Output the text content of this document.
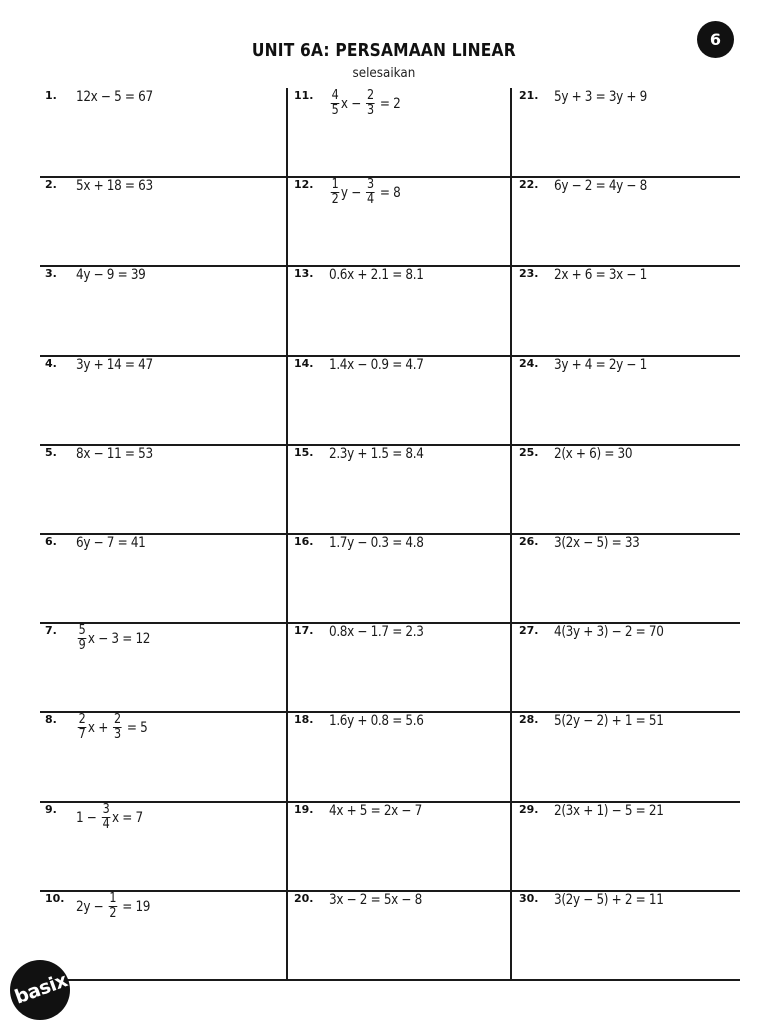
6
UNIT 6A: PERSAMAAN LINEAR
selesaikan
1. 12x − 5 = 67
2. 5x + 18 = 63
3. 4y − 9 = 39
4. 3y + 14 = 47
5. 8x − 11 = 53
6. 6y − 7 = 41
7. $\frac{5}{9}$ x − 3 = 12
8. $\frac{2}{7}$ $x + \frac{2}{3} = 5$
9. $1 - \frac{3}{4}$ x = 7
10. $2y - \frac{1}{2} = 19$
11. $\frac{4}{5}$ $x - \frac{2}{3} = 2$
12. $\frac{1}{2}$ $y - \frac{3}{4} = 8$
13. 0.6x + 2.1 = 8.1
14. 1.4x − 0.9 = 4.7
15. 2.3y + 1.5 = 8.4
16. 1.7y − 0.3 = 4.8
17. 0.8x − 1.7 = 2.3
18. 1.6y + 0.8 = 5.6
19. 4x + 5 = 2x − 7
20. 3x − 2 = 5x − 8
21. 5y + 3 = 3y + 9
22. 6y − 2 = 4y − 8
23. 2x + 6 = 3x − 1
24. 3y + 4 = 2y − 1
25. 2(x + 6) = 30
26. 3(2x − 5) = 33
27. 4(3y + 3) − 2 = 70
28. 5(2y − 2) + 1 = 51
29. 2(3x + 1) − 5 = 21
30. 3(2y − 5) + 2 = 11
basix
